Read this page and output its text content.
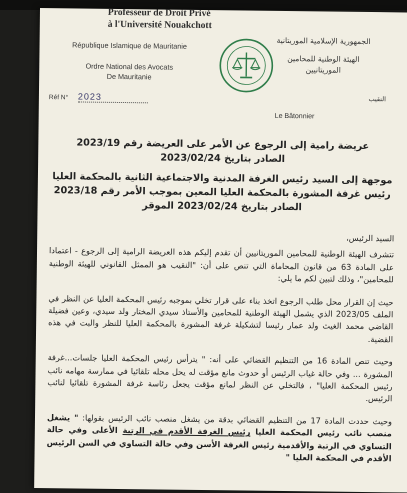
Professeur de Droit Privé
à l'Université Nouakchott
République Islamique de Mauritanie
Ordre National des Avocats
De Mauritanie
الجمهورية الإسلامية الموريتانية
الهيئة الوطنية للمحامين
الموريتانيين
Réf N° 2023	النقيب
Le Bâtonnier
عريضة رامية إلى الرجوع عن الأمر على العريضة رقم 2023/19
الصادر بتاريخ 2023/02/24
موجهة إلى السيد رئيس الغرفة المدنية والاجتماعية الثانية بالمحكمة العليا
رئيس غرفة المشورة بالمحكمة العليا المعين بموجب الأمر رقم 2023/18
الصادر بتاريخ 2023/02/24 الموقر

السيد الرئيس،

تتشرف الهيئة الوطنية للمحامين الموريتانيين أن تقدم إليكم هذه العريضة الرامية إلى الرجوع - اعتمادا على المادة 63 من قانون المحاماة التي تنص على أن: "النقيب هو الممثل القانوني للهيئة الوطنية للمحامين"، وذلك لتبين لكم ما يلي:

حيث إن القرار محل طلب الرجوع اتخذ بناء على قرار تخلي بموجبه رئيس المحكمة العليا عن النظر في الملف 2023/05 الذي يشمل الهيئة الوطنية للمحامين والأستاذ سيدي المختار ولد سيدي، وعين فضيلة القاضي محمد الغيث ولد عمار رئيسا لتشكيلة غرفة المشورة بالمحكمة العليا للنظر والبت في هذه القضية.

وحيث تنص المادة 16 من التنظيم القضائي على أنه: " يترأس رئيس المحكمة العليا جلسات...غرفة المشورة ... وفي حالة غياب الرئيس أو حدوث مانع مؤقت له يحل محله تلقائيا في ممارسة مهامه نائب رئيس المحكمة العليا" ، فالتخلي عن النظر لمانع مؤقت يجعل رئاسة غرفة المشورة تلقائيا لنائب الرئيس.

وحيث حددت المادة 17 من التنظيم القضائي بدقة من يشغل منصب نائب الرئيس بقولها: " يشغل منصب نائب رئيس المحكمة العليا رئيس الغرفة الأقدم في الرتبة الأعلى وفي حالة التساوي في الرتبة والأقدمية رئيس الغرفة الأسن وفي حالة التساوي في السن الرئيس الأقدم في المحكمة العليا "
